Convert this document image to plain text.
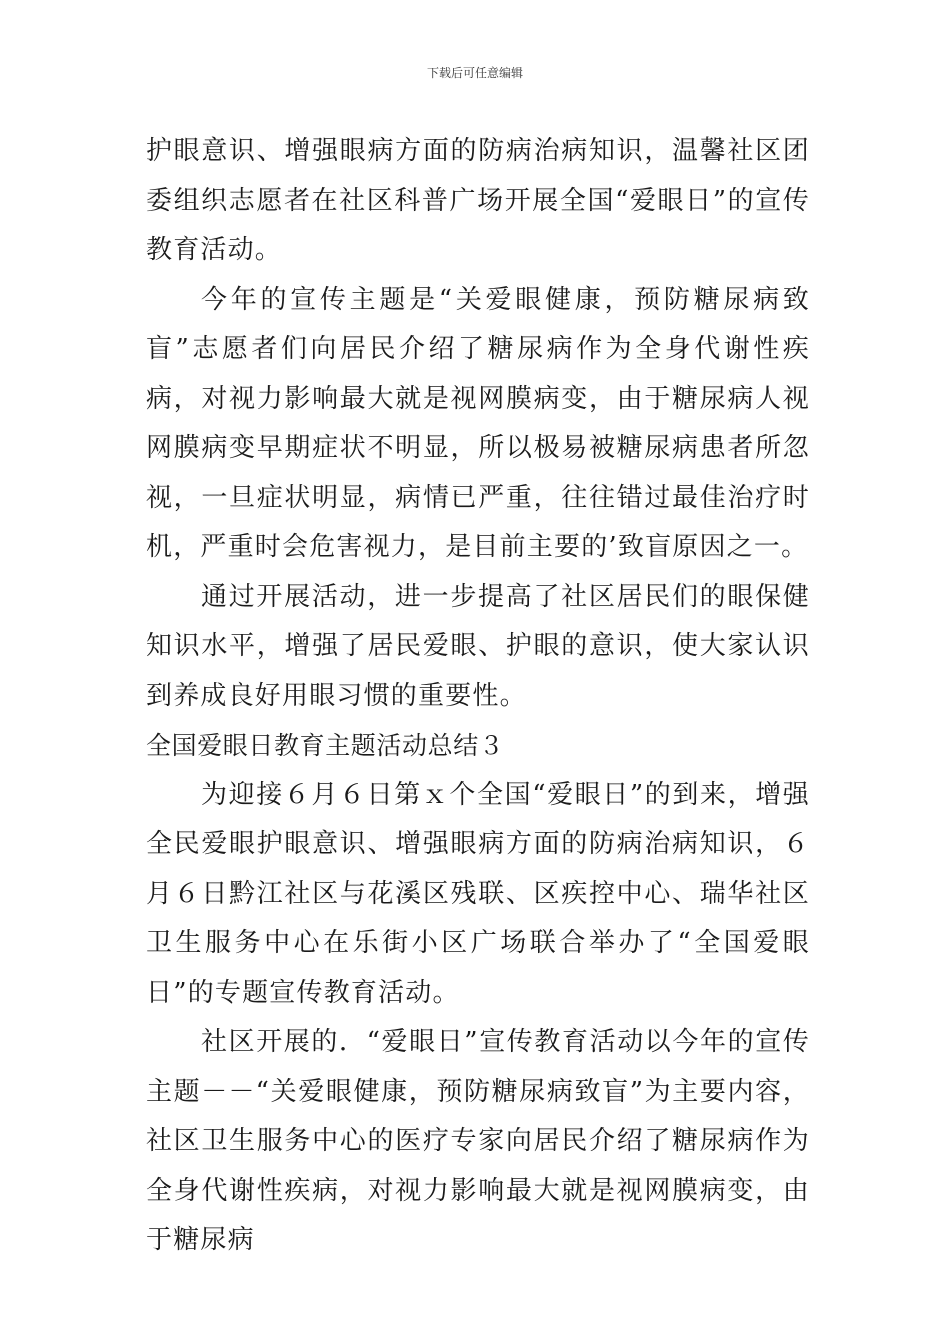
下载后可任意编辑

护眼意识、增强眼病方面的防病治病知识，温馨社区团委组织志愿者在社区科普广场开展全国“爱眼日”的宣传教育活动。

今年的宣传主题是“关爱眼健康，预防糖尿病致盲”志愿者们向居民介绍了糖尿病作为全身代谢性疾病，对视力影响最大就是视网膜病变，由于糖尿病人视网膜病变早期症状不明显，所以极易被糖尿病患者所忽视，一旦症状明显，病情已严重，往往错过最佳治疗时机，严重时会危害视力，是目前主要的’致盲原因之一。

通过开展活动，进一步提高了社区居民们的眼保健知识水平，增强了居民爱眼、护眼的意识，使大家认识到养成良好用眼习惯的重要性。

全国爱眼日教育主题活动总结３

为迎接６月６日第ｘ个全国“爱眼日”的到来，增强全民爱眼护眼意识、增强眼病方面的防病治病知识，６月６日黔江社区与花溪区残联、区疾控中心、瑞华社区卫生服务中心在乐街小区广场联合举办了“全国爱眼日”的专题宣传教育活动。

社区开展的．“爱眼日”宣传教育活动以今年的宣传主题－－“关爱眼健康，预防糖尿病致盲”为主要内容，社区卫生服务中心的医疗专家向居民介绍了糖尿病作为全身代谢性疾病，对视力影响最大就是视网膜病变，由于糖尿病
